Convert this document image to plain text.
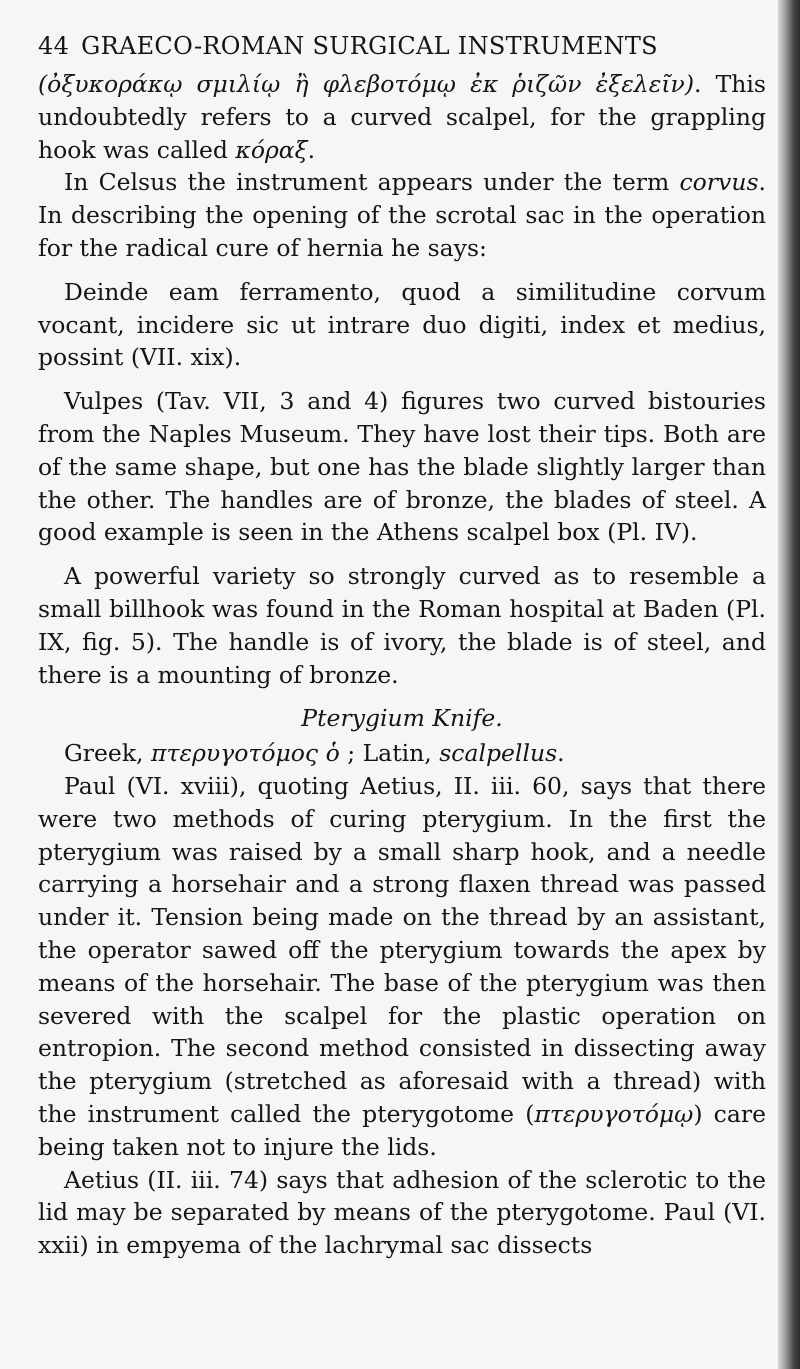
44 GRAECO-ROMAN SURGICAL INSTRUMENTS

(ὀξυκοράκῳ σμιλίῳ ἢ φλεβοτόμῳ ἐκ ῥιζῶν ἐξελεῖν). This undoubtedly refers to a curved scalpel, for the grappling hook was called κόραξ.

In Celsus the instrument appears under the term corvus. In describing the opening of the scrotal sac in the operation for the radical cure of hernia he says:

Deinde eam ferramento, quod a similitudine corvum vocant, incidere sic ut intrare duo digiti, index et medius, possint (VII. xix).

Vulpes (Tav. VII, 3 and 4) figures two curved bistouries from the Naples Museum. They have lost their tips. Both are of the same shape, but one has the blade slightly larger than the other. The handles are of bronze, the blades of steel. A good example is seen in the Athens scalpel box (Pl. IV).

A powerful variety so strongly curved as to resemble a small billhook was found in the Roman hospital at Baden (Pl. IX, fig. 5). The handle is of ivory, the blade is of steel, and there is a mounting of bronze.

Pterygium Knife.

Greek, πτερυγοτόμος ὁ ; Latin, scalpellus.

Paul (VI. xviii), quoting Aetius, II. iii. 60, says that there were two methods of curing pterygium. In the first the pterygium was raised by a small sharp hook, and a needle carrying a horsehair and a strong flaxen thread was passed under it. Tension being made on the thread by an assistant, the operator sawed off the pterygium towards the apex by means of the horsehair. The base of the pterygium was then severed with the scalpel for the plastic operation on entropion. The second method consisted in dissecting away the pterygium (stretched as aforesaid with a thread) with the instrument called the pterygotome (πτερυγοτόμῳ) care being taken not to injure the lids.

Aetius (II. iii. 74) says that adhesion of the sclerotic to the lid may be separated by means of the pterygotome. Paul (VI. xxii) in empyema of the lachrymal sac dissects
